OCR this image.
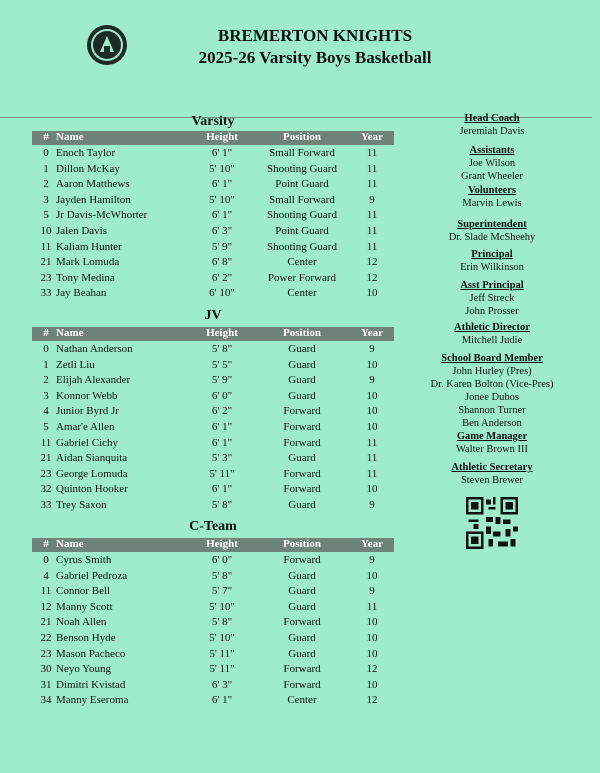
BREMERTON KNIGHTS
2025-26 Varsity Boys Basketball
Varsity
# Name	Height	Position	Year
0 Enoch Taylor	6' 1"	Small Forward	11
1 Dillon McKay	5' 10"	Shooting Guard	11
2 Aaron Matthews	6' 1"	Point Guard	11
3 Jayden Hamilton	5' 10"	Small Forward	9
5 Jr Davis-McWhorter	6' 1"	Shooting Guard	11
10 Jalen Davis	6' 3"	Point Guard	11
11 Kaliam Hunter	5' 9"	Shooting Guard	11
21 Mark Lomuda	6' 8"	Center	12
23 Tony Medina	6' 2"	Power Forward	12
33 Jay Beahan	6' 10"	Center	10
JV
# Name	Height	Position	Year
0 Nathan Anderson	5' 8"	Guard	9
1 Zetli Liu	5' 5"	Guard	10
2 Elijah Alexander	5' 9"	Guard	9
3 Konnor Webb	6' 0"	Guard	10
4 Junior Byrd Jr	6' 2"	Forward	10
5 Amar'e Allen	6' 1"	Forward	10
11 Gabriel Cichy	6' 1"	Forward	11
21 Aidan Sianquita	5' 3"	Guard	11
23 George Lomuda	5' 11"	Forward	11
32 Quinton Hooker	6' 1"	Forward	10
33 Trey Saxon	5' 8"	Guard	9
C-Team
# Name	Height	Position	Year
0 Cyrus Smith	6' 0"	Forward	9
4 Gabriel Pedroza	5' 8"	Guard	10
11 Connor Bell	5' 7"	Guard	9
12 Manny Scott	5' 10"	Guard	11
21 Noah Allen	5' 8"	Forward	10
22 Benson Hyde	5' 10"	Guard	10
23 Mason Pacheco	5' 11"	Guard	10
30 Neyo Young	5' 11"	Forward	12
31 Dimitri Kvistad	6' 3"	Forward	10
34 Manny Eseroma	6' 1"	Center	12
Head Coach
Jeremiah Davis
Assistants
Joe Wilson
Grant Wheeler
Volunteers
Marvin Lewis
Superintendent
Dr. Slade McSheehy
Principal
Erin Wilkinson
Asst Principal
Jeff Streck
John Prosser
Athletic Director
Mitchell Judie
School Board Member
John Hurley (Pres)
Dr. Karen Bolton (Vice-Pres)
Jonee Dubos
Shannon Turner
Ben Anderson
Game Manager
Walter Brown III
Athletic Secretary
Steven Brewer
